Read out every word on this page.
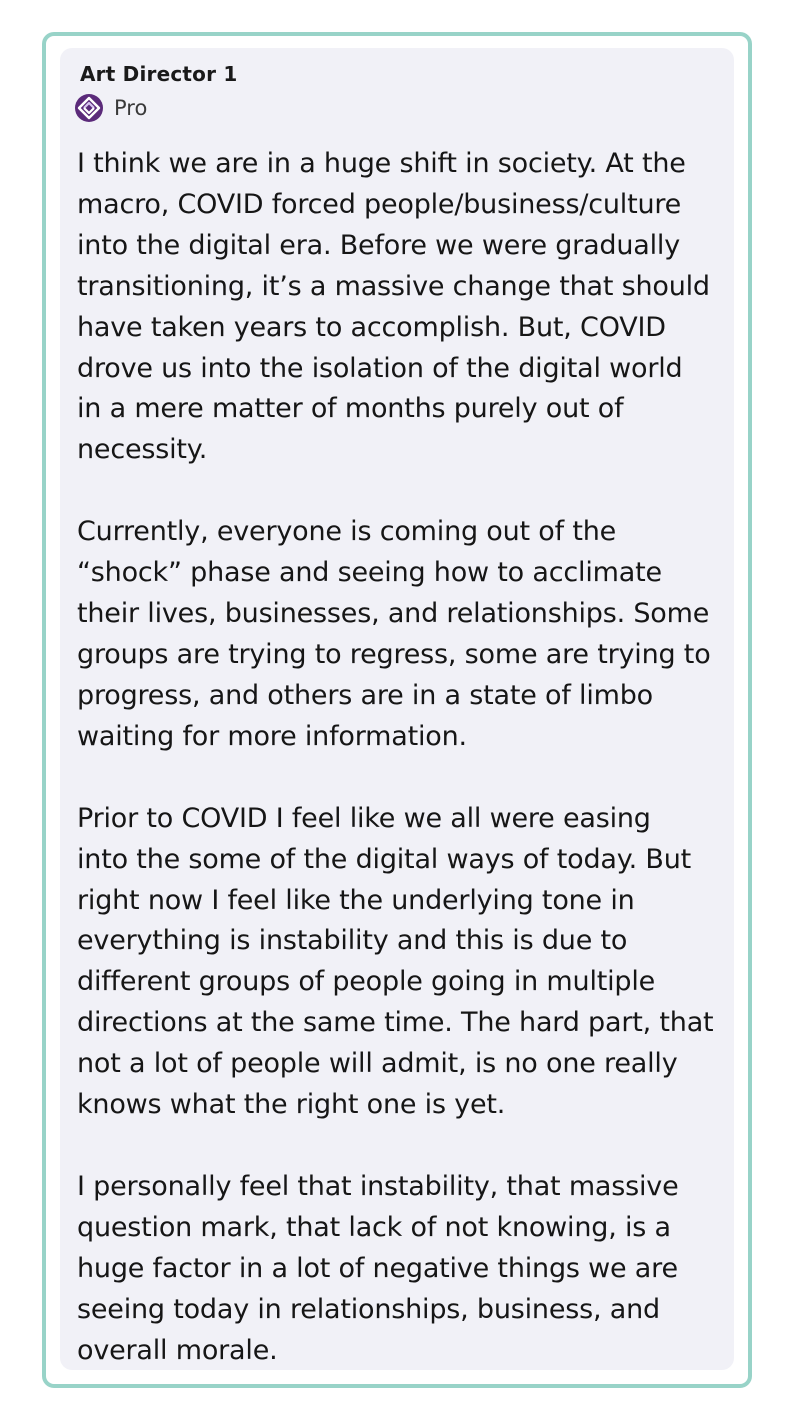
Art Director 1
Pro

I think we are in a huge shift in society. At the
macro, COVID forced people/business/culture
into the digital era. Before we were gradually
transitioning, it’s a massive change that should
have taken years to accomplish. But, COVID
drove us into the isolation of the digital world
in a mere matter of months purely out of
necessity.

Currently, everyone is coming out of the
“shock” phase and seeing how to acclimate
their lives, businesses, and relationships. Some
groups are trying to regress, some are trying to
progress, and others are in a state of limbo
waiting for more information.

Prior to COVID I feel like we all were easing
into the some of the digital ways of today. But
right now I feel like the underlying tone in
everything is instability and this is due to
different groups of people going in multiple
directions at the same time. The hard part, that
not a lot of people will admit, is no one really
knows what the right one is yet.

I personally feel that instability, that massive
question mark, that lack of not knowing, is a
huge factor in a lot of negative things we are
seeing today in relationships, business, and
overall morale.
